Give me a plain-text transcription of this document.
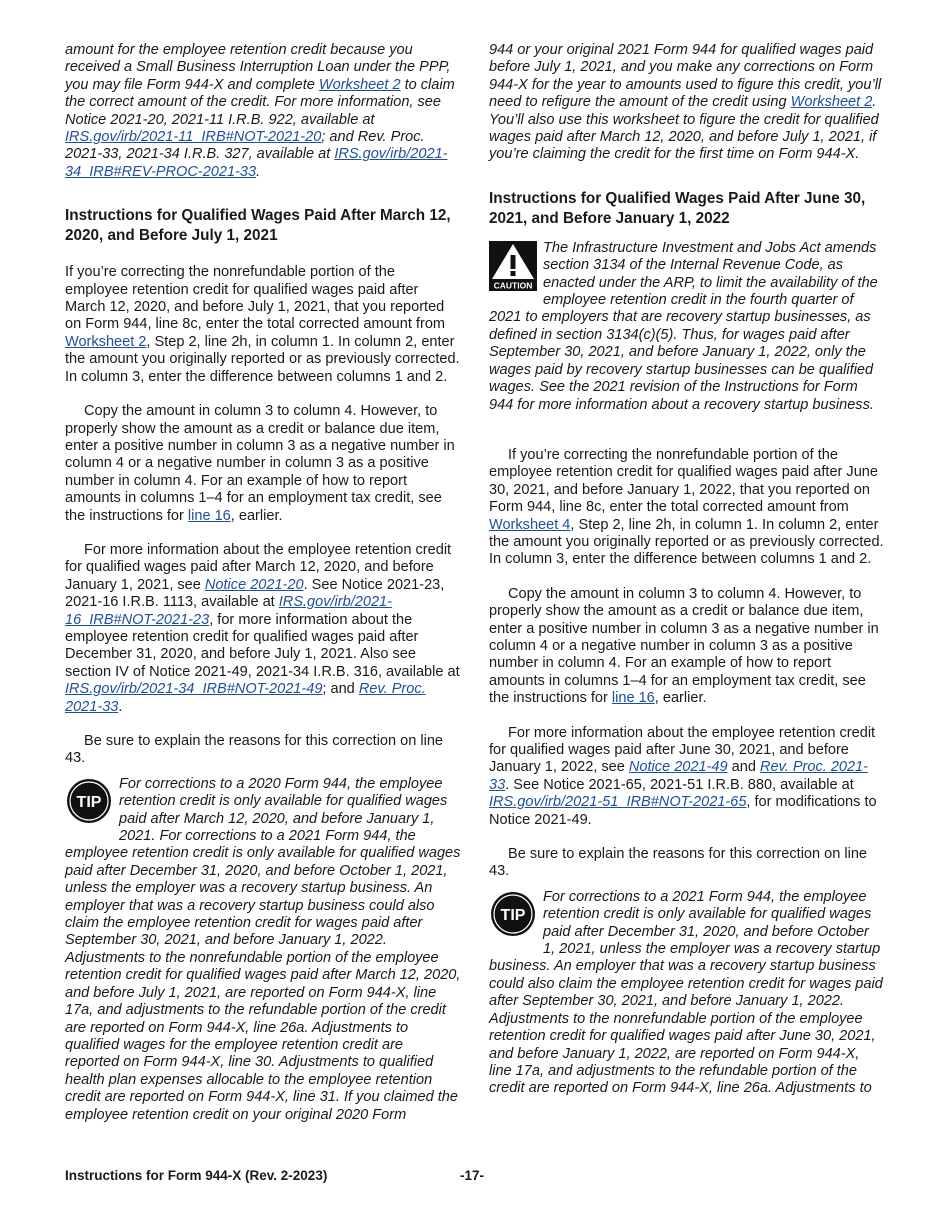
amount for the employee retention credit because you received a Small Business Interruption Loan under the PPP, you may file Form 944-X and complete Worksheet 2 to claim the correct amount of the credit. For more information, see Notice 2021-20, 2021-11 I.R.B. 922, available at IRS.gov/irb/2021-11_IRB#NOT-2021-20; and Rev. Proc. 2021-33, 2021-34 I.R.B. 327, available at IRS.gov/irb/2021-34_IRB#REV-PROC-2021-33.

Instructions for Qualified Wages Paid After March 12, 2020, and Before July 1, 2021

If you’re correcting the nonrefundable portion of the employee retention credit for qualified wages paid after March 12, 2020, and before July 1, 2021, that you reported on Form 944, line 8c, enter the total corrected amount from Worksheet 2, Step 2, line 2h, in column 1. In column 2, enter the amount you originally reported or as previously corrected. In column 3, enter the difference between columns 1 and 2.

Copy the amount in column 3 to column 4. However, to properly show the amount as a credit or balance due item, enter a positive number in column 3 as a negative number in column 4 or a negative number in column 3 as a positive number in column 4. For an example of how to report amounts in columns 1–4 for an employment tax credit, see the instructions for line 16, earlier.

For more information about the employee retention credit for qualified wages paid after March 12, 2020, and before January 1, 2021, see Notice 2021-20. See Notice 2021-23, 2021-16 I.R.B. 1113, available at IRS.gov/irb/2021-16_IRB#NOT-2021-23, for more information about the employee retention credit for qualified wages paid after December 31, 2020, and before July 1, 2021. Also see section IV of Notice 2021-49, 2021-34 I.R.B. 316, available at IRS.gov/irb/2021-34_IRB#NOT-2021-49; and Rev. Proc. 2021-33.

Be sure to explain the reasons for this correction on line 43.

TIP
For corrections to a 2020 Form 944, the employee retention credit is only available for qualified wages paid after March 12, 2020, and before January 1, 2021. For corrections to a 2021 Form 944, the employee retention credit is only available for qualified wages paid after December 31, 2020, and before October 1, 2021, unless the employer was a recovery startup business. An employer that was a recovery startup business could also claim the employee retention credit for wages paid after September 30, 2021, and before January 1, 2022. Adjustments to the nonrefundable portion of the employee retention credit for qualified wages paid after March 12, 2020, and before July 1, 2021, are reported on Form 944-X, line 17a, and adjustments to the refundable portion of the credit are reported on Form 944-X, line 26a. Adjustments to qualified wages for the employee retention credit are reported on Form 944-X, line 30. Adjustments to qualified health plan expenses allocable to the employee retention credit are reported on Form 944-X, line 31. If you claimed the employee retention credit on your original 2020 Form

944 or your original 2021 Form 944 for qualified wages paid before July 1, 2021, and you make any corrections on Form 944-X for the year to amounts used to figure this credit, you’ll need to refigure the amount of the credit using Worksheet 2. You’ll also use this worksheet to figure the credit for qualified wages paid after March 12, 2020, and before July 1, 2021, if you’re claiming the credit for the first time on Form 944-X.

Instructions for Qualified Wages Paid After June 30, 2021, and Before January 1, 2022
CAUTION
The Infrastructure Investment and Jobs Act amends section 3134 of the Internal Revenue Code, as enacted under the ARP, to limit the availability of the employee retention credit in the fourth quarter of 2021 to employers that are recovery startup businesses, as defined in section 3134(c)(5). Thus, for wages paid after September 30, 2021, and before January 1, 2022, only the wages paid by recovery startup businesses can be qualified wages. See the 2021 revision of the Instructions for Form 944 for more information about a recovery startup business.

If you’re correcting the nonrefundable portion of the employee retention credit for qualified wages paid after June 30, 2021, and before January 1, 2022, that you reported on Form 944, line 8c, enter the total corrected amount from Worksheet 4, Step 2, line 2h, in column 1. In column 2, enter the amount you originally reported or as previously corrected. In column 3, enter the difference between columns 1 and 2.

Copy the amount in column 3 to column 4. However, to properly show the amount as a credit or balance due item, enter a positive number in column 3 as a negative number in column 4 or a negative number in column 3 as a positive number in column 4. For an example of how to report amounts in columns 1–4 for an employment tax credit, see the instructions for line 16, earlier.

For more information about the employee retention credit for qualified wages paid after June 30, 2021, and before January 1, 2022, see Notice 2021-49 and Rev. Proc. 2021-33. See Notice 2021-65, 2021-51 I.R.B. 880, available at IRS.gov/irb/2021-51_IRB#NOT-2021-65, for modifications to Notice 2021-49.

Be sure to explain the reasons for this correction on line 43.

TIP
For corrections to a 2021 Form 944, the employee retention credit is only available for qualified wages paid after December 31, 2020, and before October 1, 2021, unless the employer was a recovery startup business. An employer that was a recovery startup business could also claim the employee retention credit for wages paid after September 30, 2021, and before January 1, 2022. Adjustments to the nonrefundable portion of the employee retention credit for qualified wages paid after June 30, 2021, and before January 1, 2022, are reported on Form 944-X, line 17a, and adjustments to the refundable portion of the credit are reported on Form 944-X, line 26a. Adjustments to
Instructions for Form 944-X (Rev. 2-2023)	-17-
